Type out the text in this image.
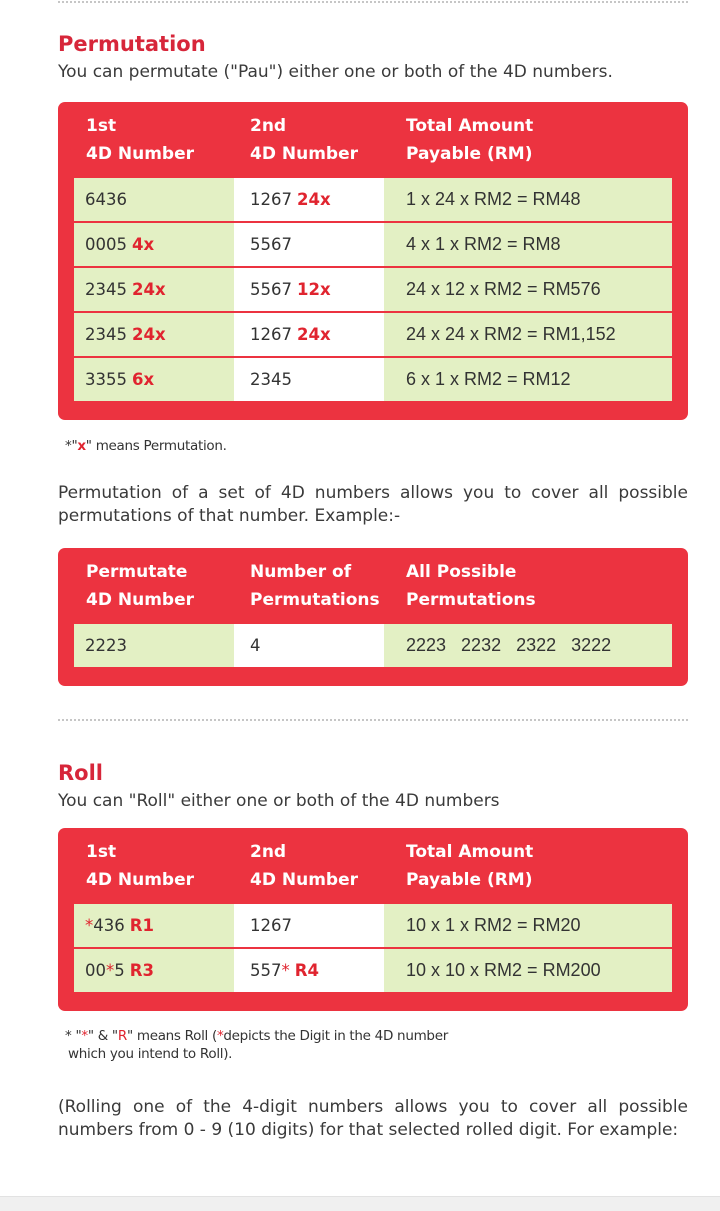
Permutation

You can permutate ("Pau") either one or both of the 4D numbers.

1st
4D Number
2nd
4D Number
Total Amount
Payable (RM)
6436	1267 24x	1 x 24 x RM2 = RM48
0005 4x	5567	4 x 1 x RM2 = RM8
2345 24x	5567 12x	24 x 12 x RM2 = RM576
2345 24x	1267 24x	24 x 24 x RM2 = RM1,152
3355 6x	2345	6 x 1 x RM2 = RM12

*"x" means Permutation.

Permutation of a set of 4D numbers allows you to cover all possible permutations of that number. Example:-

Permutate
4D Number
Number of
Permutations
All Possible
Permutations
2223	4	2223 2232 2322 3222
Roll

You can "Roll" either one or both of the 4D numbers

1st
4D Number
2nd
4D Number
Total Amount
Payable (RM)
* 436 R1	1267	10 x 1 x RM2 = RM20
00 * 5 R3	557 * R4	10 x 10 x RM2 = RM200
* "*" & "R" means Roll (*depicts the Digit in the 4D number
which you intend to Roll).

(Rolling one of the 4-digit numbers allows you to cover all possible numbers from 0 - 9 (10 digits) for that selected rolled digit. For example:
